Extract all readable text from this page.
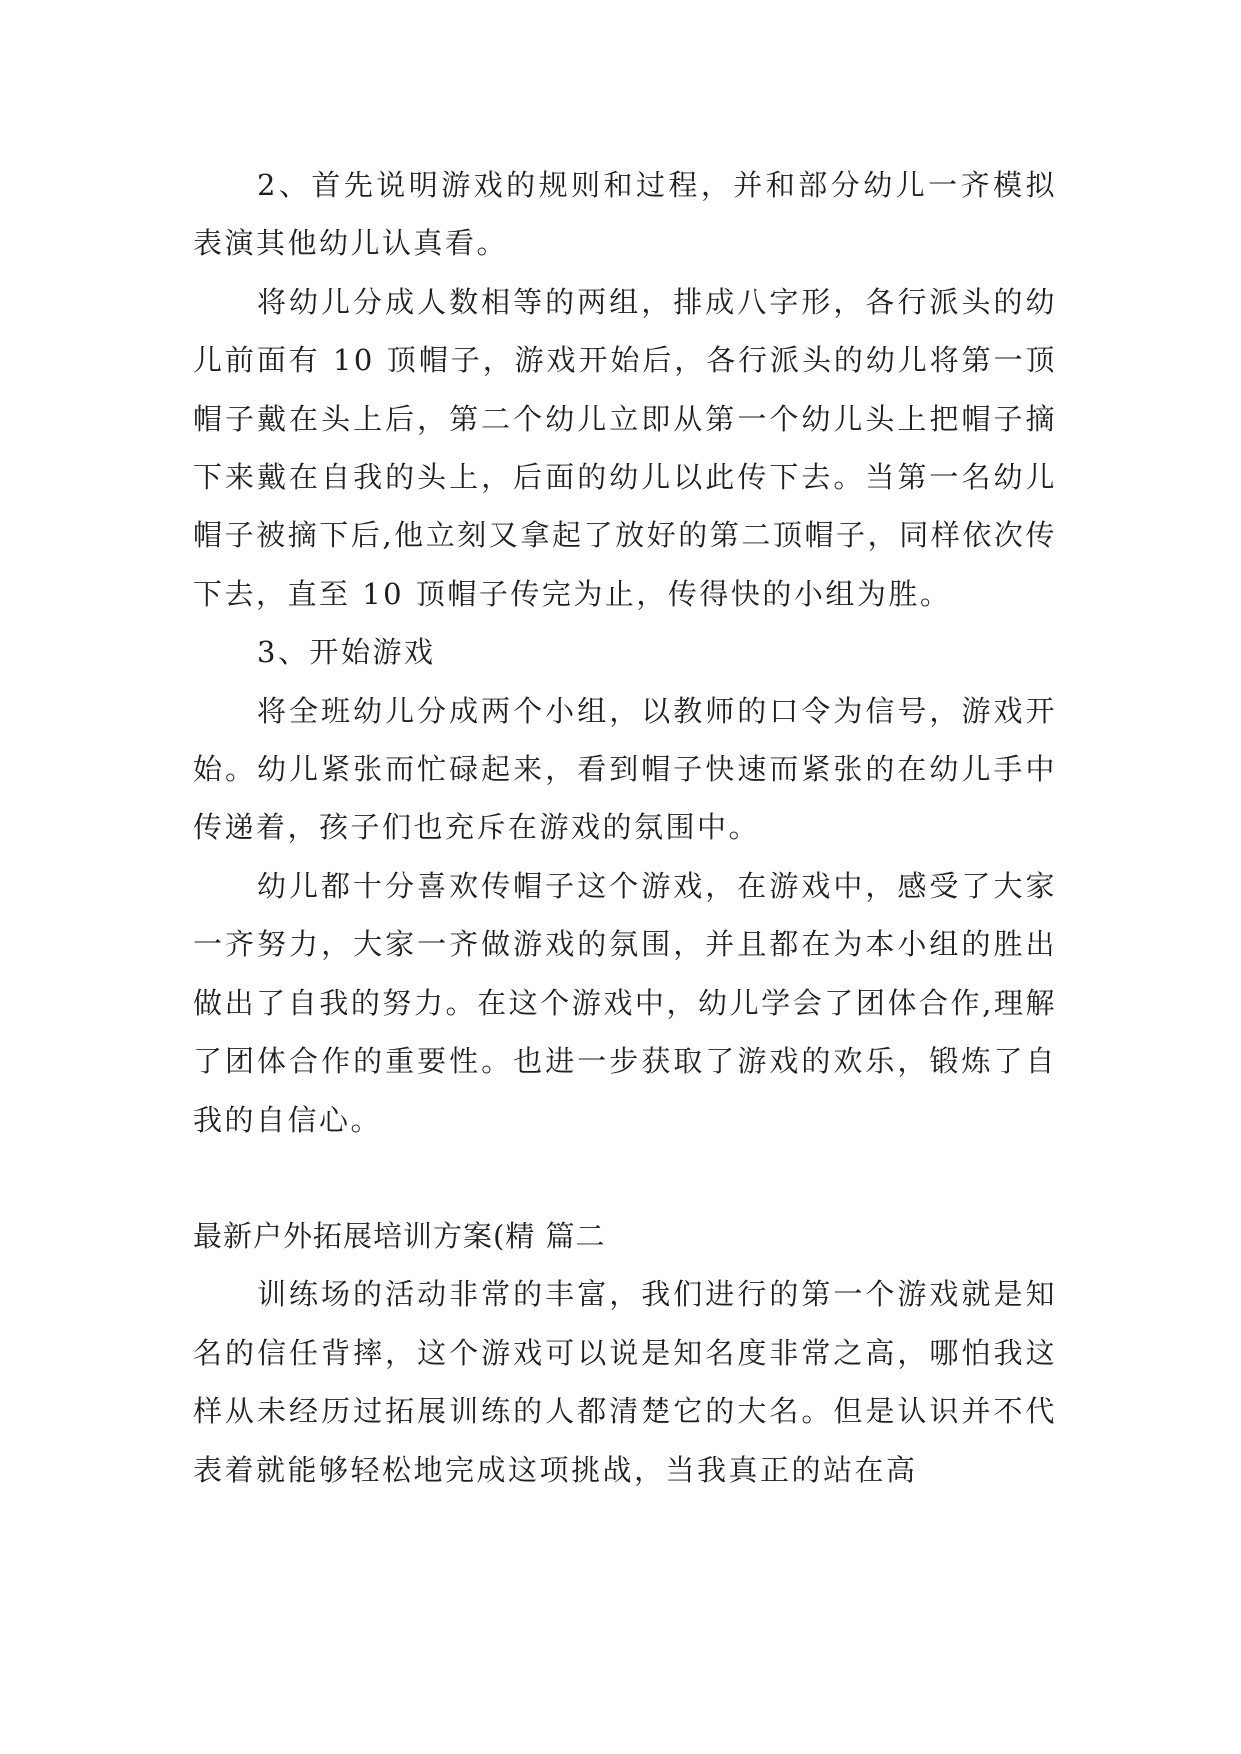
2、首先说明游戏的规则和过程，并和部分幼儿一齐模拟表演其他幼儿认真看。

将幼儿分成人数相等的两组，排成八字形，各行派头的幼儿前面有 10 顶帽子，游戏开始后，各行派头的幼儿将第一顶帽子戴在头上后，第二个幼儿立即从第一个幼儿头上把帽子摘下来戴在自我的头上，后面的幼儿以此传下去。当第一名幼儿帽子被摘下后,他立刻又拿起了放好的第二顶帽子，同样依次传下去，直至 10 顶帽子传完为止，传得快的小组为胜。

3、开始游戏

将全班幼儿分成两个小组，以教师的口令为信号，游戏开始。幼儿紧张而忙碌起来，看到帽子快速而紧张的在幼儿手中传递着，孩子们也充斥在游戏的氛围中。

幼儿都十分喜欢传帽子这个游戏，在游戏中，感受了大家一齐努力，大家一齐做游戏的氛围，并且都在为本小组的胜出做出了自我的努力。在这个游戏中，幼儿学会了团体合作,理解了团体合作的重要性。也进一步获取了游戏的欢乐，锻炼了自我的自信心。

最新户外拓展培训方案(精 篇二

训练场的活动非常的丰富，我们进行的第一个游戏就是知名的信任背摔，这个游戏可以说是知名度非常之高，哪怕我这样从未经历过拓展训练的人都清楚它的大名。但是认识并不代表着就能够轻松地完成这项挑战，当我真正的站在高
